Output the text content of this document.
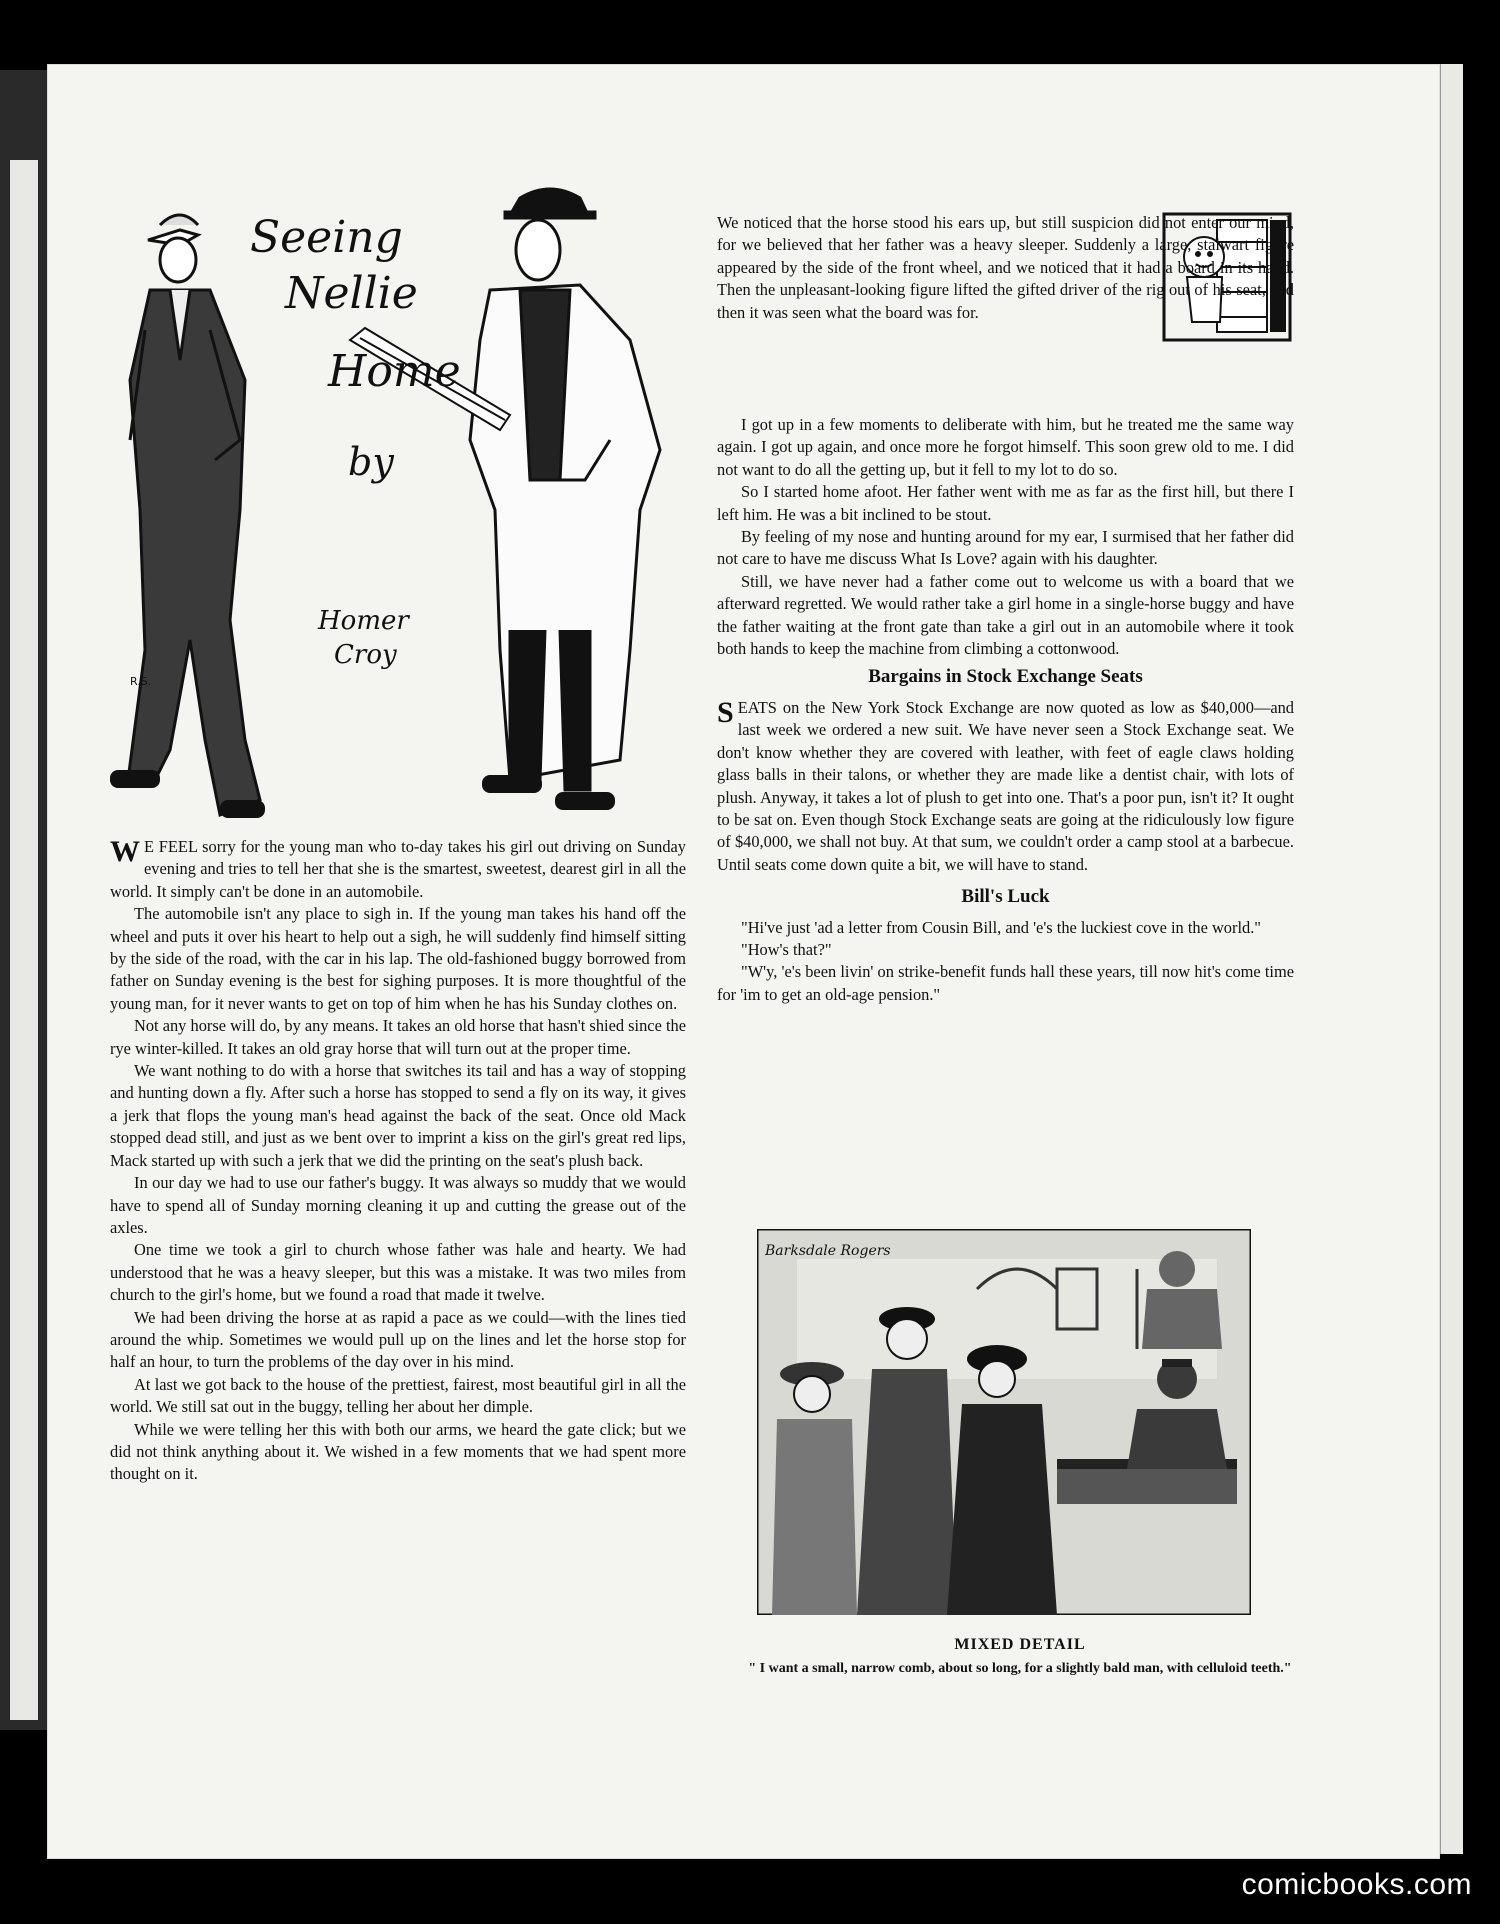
R.S.
Seeing
Nellie
Home
by
Homer
Croy

W E FEEL sorry for the young man who to-day takes his girl out driving on Sunday evening and tries to tell her that she is the smartest, sweetest, dearest girl in all the world. It simply can't be done in an automobile.

The automobile isn't any place to sigh in. If the young man takes his hand off the wheel and puts it over his heart to help out a sigh, he will suddenly find himself sitting by the side of the road, with the car in his lap. The old-fashioned buggy borrowed from father on Sunday evening is the best for sighing purposes. It is more thoughtful of the young man, for it never wants to get on top of him when he has his Sunday clothes on.

Not any horse will do, by any means. It takes an old horse that hasn't shied since the rye winter-killed. It takes an old gray horse that will turn out at the proper time.

We want nothing to do with a horse that switches its tail and has a way of stopping and hunting down a fly. After such a horse has stopped to send a fly on its way, it gives a jerk that flops the young man's head against the back of the seat. Once old Mack stopped dead still, and just as we bent over to imprint a kiss on the girl's great red lips, Mack started up with such a jerk that we did the printing on the seat's plush back.

In our day we had to use our father's buggy. It was always so muddy that we would have to spend all of Sunday morning cleaning it up and cutting the grease out of the axles.

One time we took a girl to church whose father was hale and hearty. We had understood that he was a heavy sleeper, but this was a mistake. It was two miles from church to the girl's home, but we found a road that made it twelve.

We had been driving the horse at as rapid a pace as we could—with the lines tied around the whip. Sometimes we would pull up on the lines and let the horse stop for half an hour, to turn the problems of the day over in his mind.

At last we got back to the house of the prettiest, fairest, most beautiful girl in all the world. We still sat out in the buggy, telling her about her dimple.

While we were telling her this with both our arms, we heard the gate click; but we did not think anything about it. We wished in a few moments that we had spent more thought on it.

We noticed that the horse stood his ears up, but still suspicion did not enter our mind, for we believed that her father was a heavy sleeper. Suddenly a large, stalwart figure appeared by the side of the front wheel, and we noticed that it had a board in its hand. Then the unpleasant-looking figure lifted the gifted driver of the rig out of his seat, and then it was seen what the board was for.

I got up in a few moments to deliberate with him, but he treated me the same way again. I got up again, and once more he forgot himself. This soon grew old to me. I did not want to do all the getting up, but it fell to my lot to do so.

So I started home afoot. Her father went with me as far as the first hill, but there I left him. He was a bit inclined to be stout.

By feeling of my nose and hunting around for my ear, I surmised that her father did not care to have me discuss What Is Love? again with his daughter.

Still, we have never had a father come out to welcome us with a board that we afterward regretted. We would rather take a girl home in a single-horse buggy and have the father waiting at the front gate than take a girl out in an automobile where it took both hands to keep the machine from climbing a cottonwood.

Bargains in Stock Exchange Seats

SEATS on the New York Stock Exchange are now quoted as low as $40,000—and last week we ordered a new suit. We have never seen a Stock Exchange seat. We don't know whether they are covered with leather, with feet of eagle claws holding glass balls in their talons, or whether they are made like a dentist chair, with lots of plush. Anyway, it takes a lot of plush to get into one. That's a poor pun, isn't it? It ought to be sat on. Even though Stock Exchange seats are going at the ridiculously low figure of $40,000, we shall not buy. At that sum, we couldn't order a camp stool at a barbecue. Until seats come down quite a bit, we will have to stand.

Bill's Luck

"Hi've just 'ad a letter from Cousin Bill, and 'e's the luckiest cove in the world."

"How's that?"

"W'y, 'e's been livin' on strike-benefit funds hall these years, till now hit's come time for 'im to get an old-age pension."

Barksdale Rogers
MIXED DETAIL
" I want a small, narrow comb, about so long, for a slightly bald man, with celluloid teeth."
comicbooks.com
